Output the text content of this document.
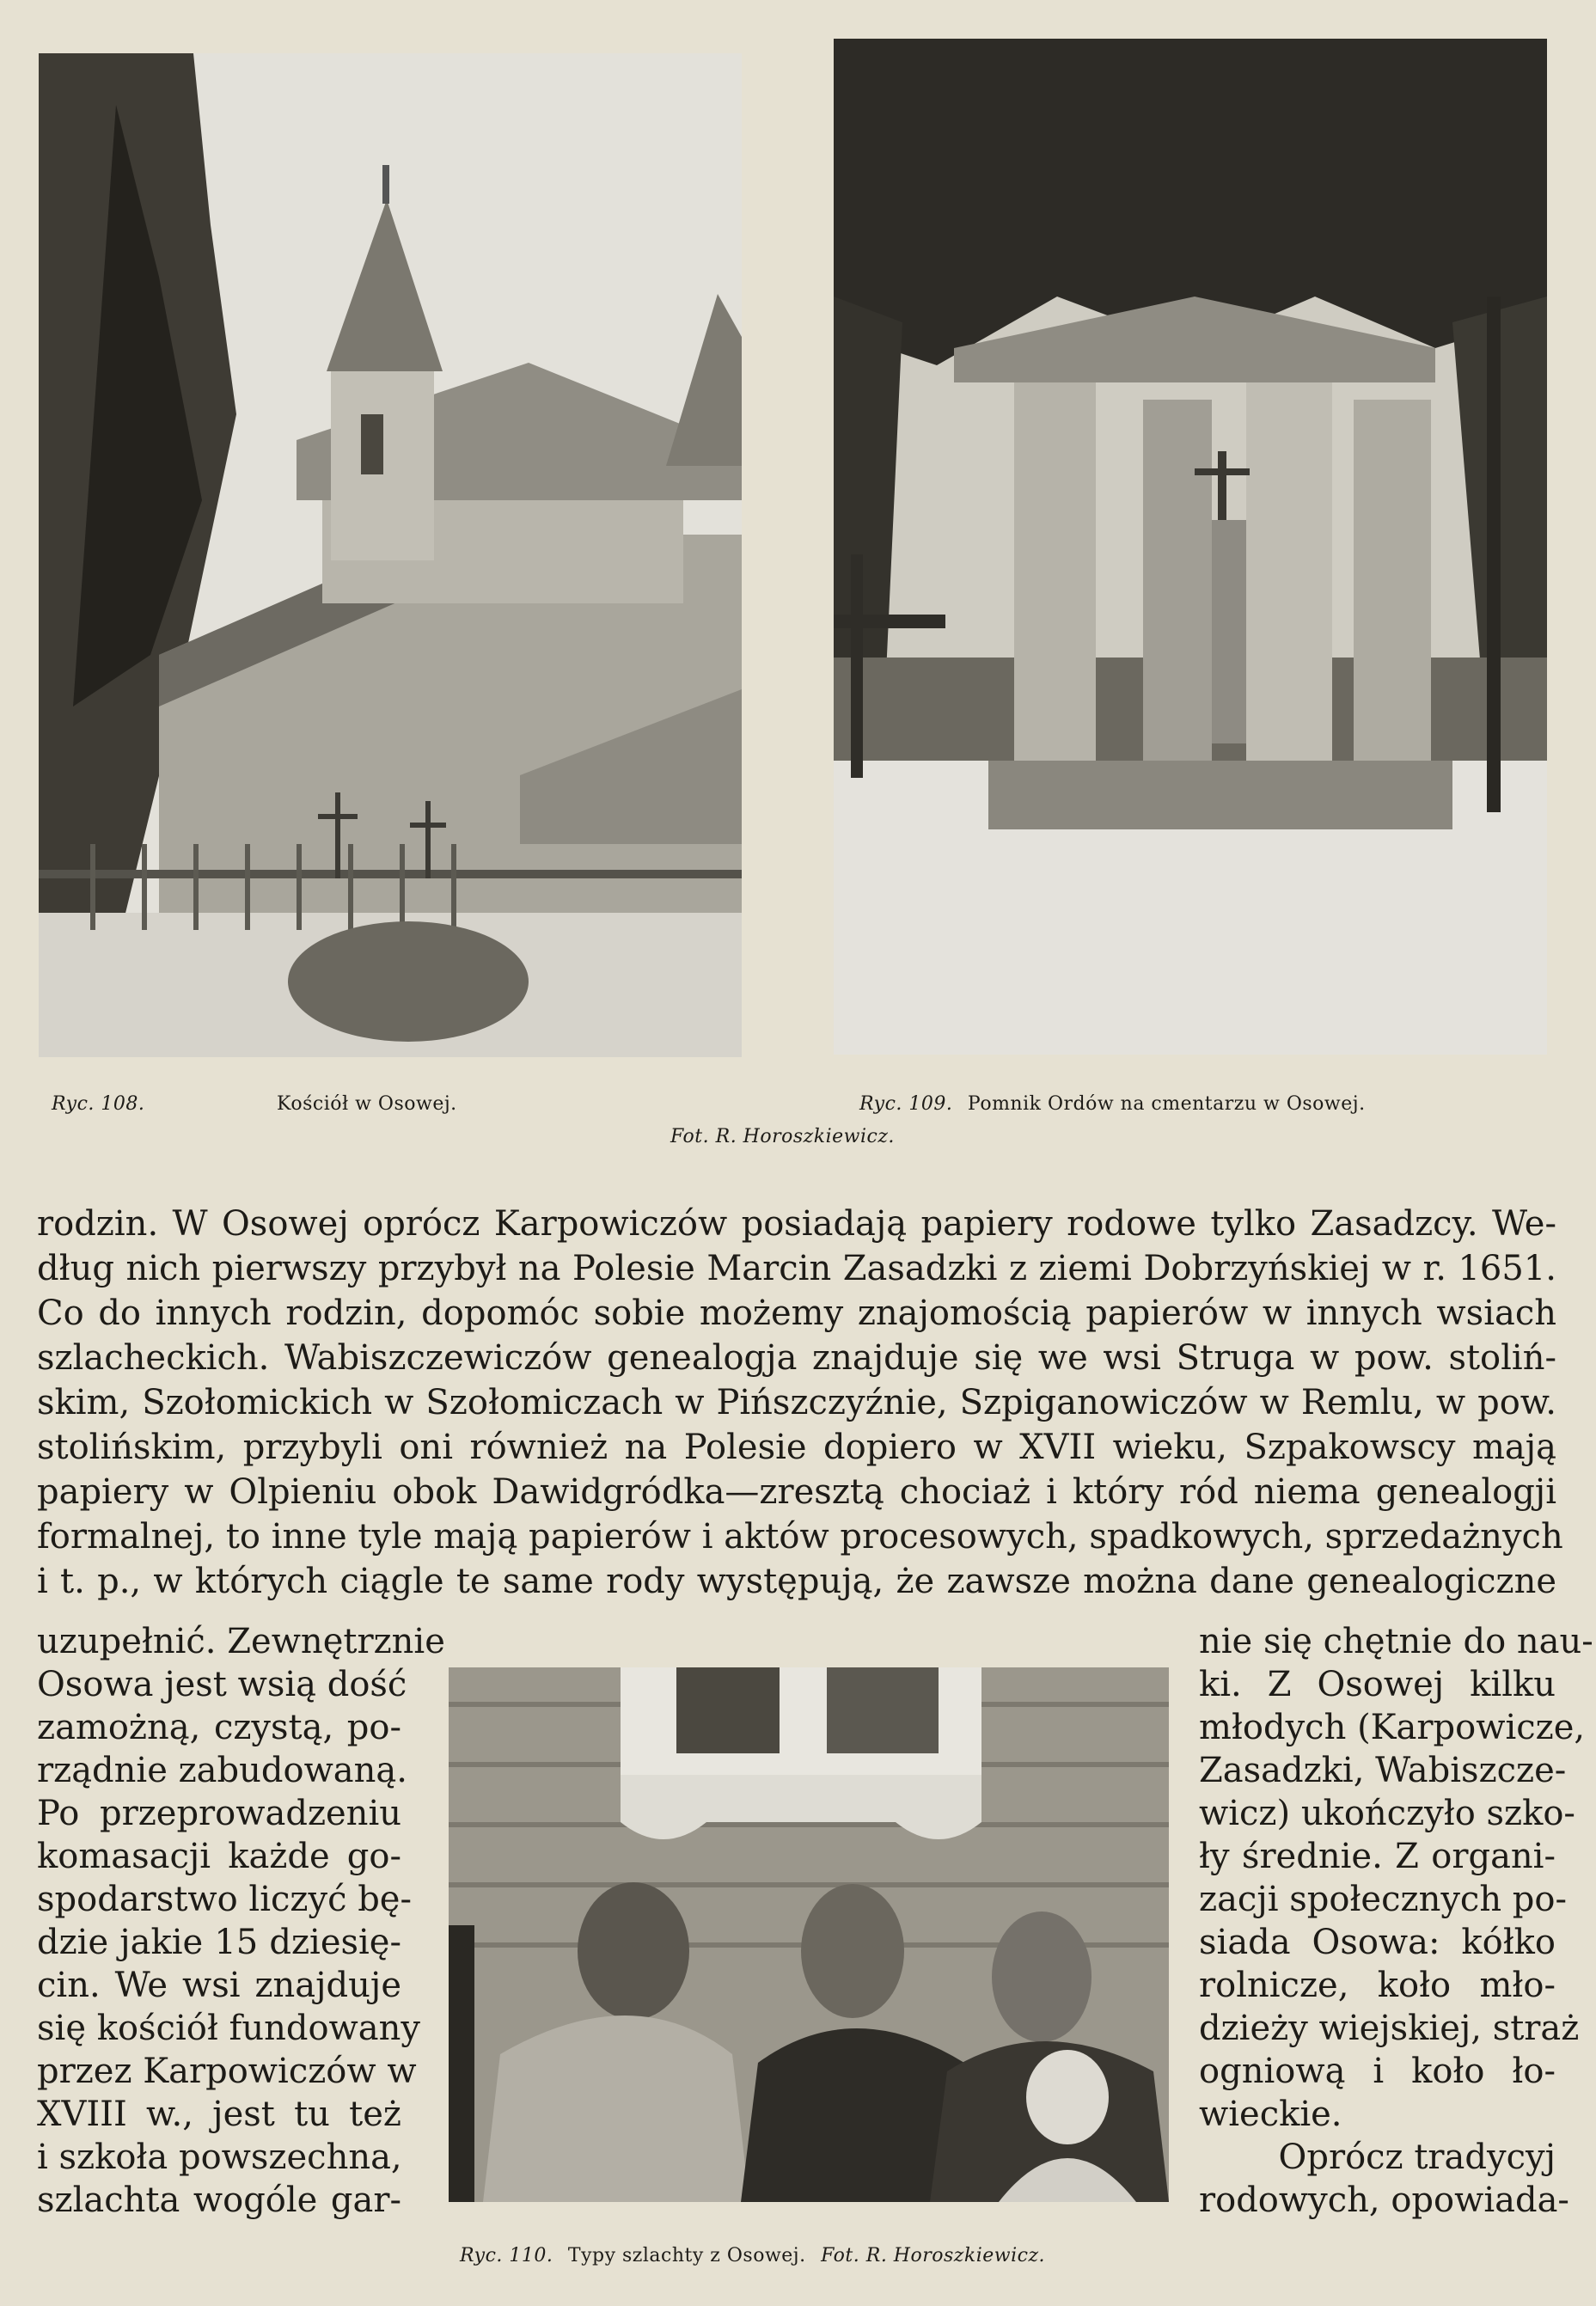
Ryc. 108.	Kościół w Osowej.	Ryc. 109. Pomnik Ordów na cmentarzu w Osowej.
Fot. R. Horoszkiewicz.
rodzin. W Osowej oprócz Karpowiczów posiadają papiery rodowe tylko Zasadzcy. We-
dług nich pierwszy przybył na Polesie Marcin Zasadzki z ziemi Dobrzyńskiej w r. 1651.
Co do innych rodzin, dopomóc sobie możemy znajomością papierów w innych wsiach
szlacheckich. Wabiszczewiczów genealogja znajduje się we wsi Struga w pow. stoliń-
skim, Szołomickich w Szołomiczach w Pińszczyźnie, Szpiganowiczów w Remlu, w pow.
stolińskim, przybyli oni również na Polesie dopiero w XVII wieku, Szpakowscy mają
papiery w Olpieniu obok Dawidgródka—zresztą chociaż i który ród niema genealogji
formalnej, to inne tyle mają papierów i aktów procesowych, spadkowych, sprzedażnych
i t. p., w których ciągle te same rody występują, że zawsze można dane genealogiczne
uzupełnić. Zewnętrznie
Osowa jest wsią dość
zamożną, czystą, po-
rządnie zabudowaną.
Po przeprowadzeniu
komasacji każde go-
spodarstwo liczyć bę-
dzie jakie 15 dziesię-
cin. We wsi znajduje
się kościół fundowany
przez Karpowiczów w
XVIII w., jest tu też
i szkoła powszechna,
szlachta wogóle gar-
Ryc. 110. Typy szlachty z Osowej. Fot. R. Horoszkiewicz.
nie się chętnie do nau-
ki. Z Osowej kilku
młodych (Karpowicze,
Zasadzki, Wabiszcze-
wicz) ukończyło szko-
ły średnie. Z organi-
zacji społecznych po-
siada Osowa: kółko
rolnicze, koło mło-
dzieży wiejskiej, straż
ogniową i koło ło-
wieckie.
Oprócz tradycyj
rodowych, opowiada-
